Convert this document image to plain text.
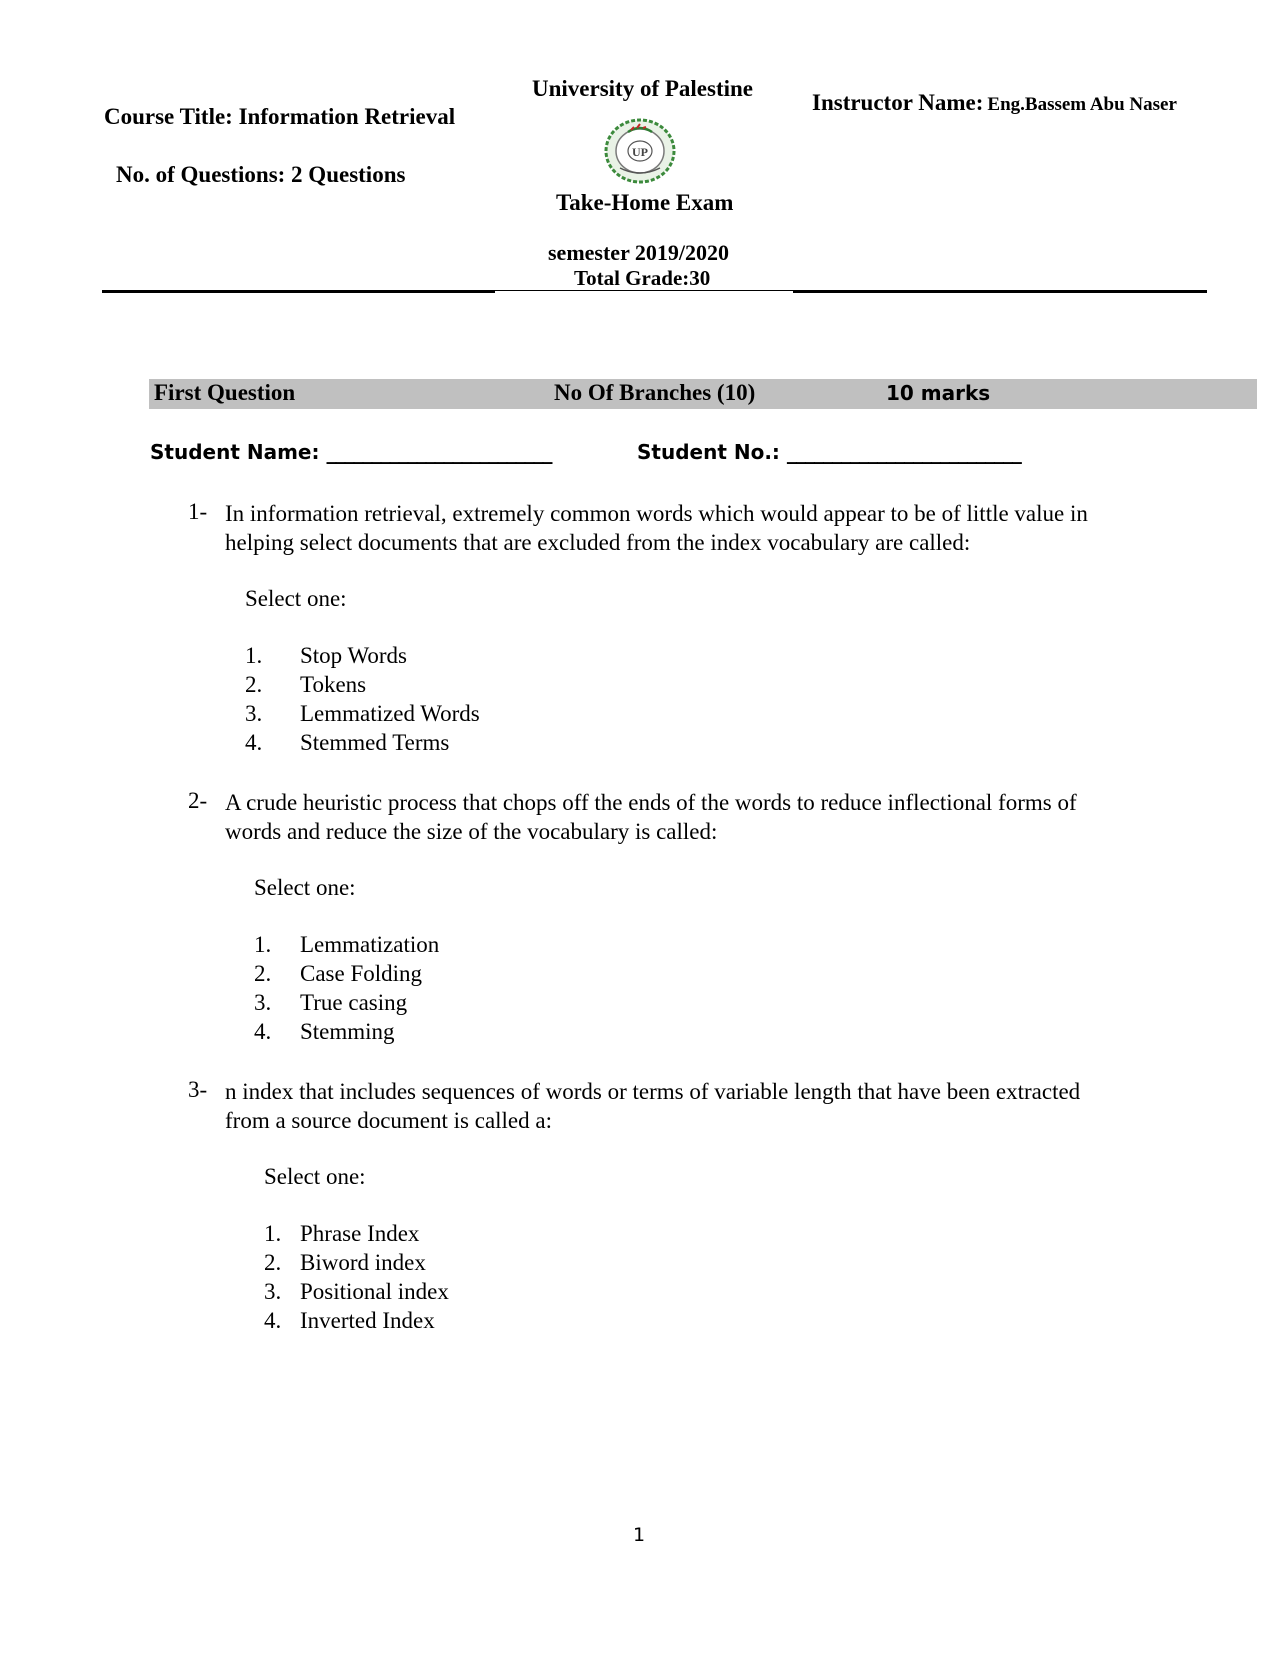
University of Palestine
Course Title: Information Retrieval
No. of Questions: 2 Questions
Instructor Name: Eng.Bassem Abu Naser
UP
Take-Home Exam
semester 2019/2020
Total Grade:30
First Question	No Of Branches (10)	10 marks
Student Name: _________________________	Student No.: __________________________
1- In information retrieval, extremely common words which would appear to be of little value in helping select documents that are excluded from the index vocabulary are called:
Select one:
1. Stop Words
2. Tokens
3. Lemmatized Words
4. Stemmed Terms
2- A crude heuristic process that chops off the ends of the words to reduce inflectional forms of words and reduce the size of the vocabulary is called:
Select one:
1. Lemmatization
2. Case Folding
3. True casing
4. Stemming
3- n index that includes sequences of words or terms of variable length that have been extracted from a source document is called a:
Select one:
1. Phrase Index
2. Biword index
3. Positional index
4. Inverted Index
1
